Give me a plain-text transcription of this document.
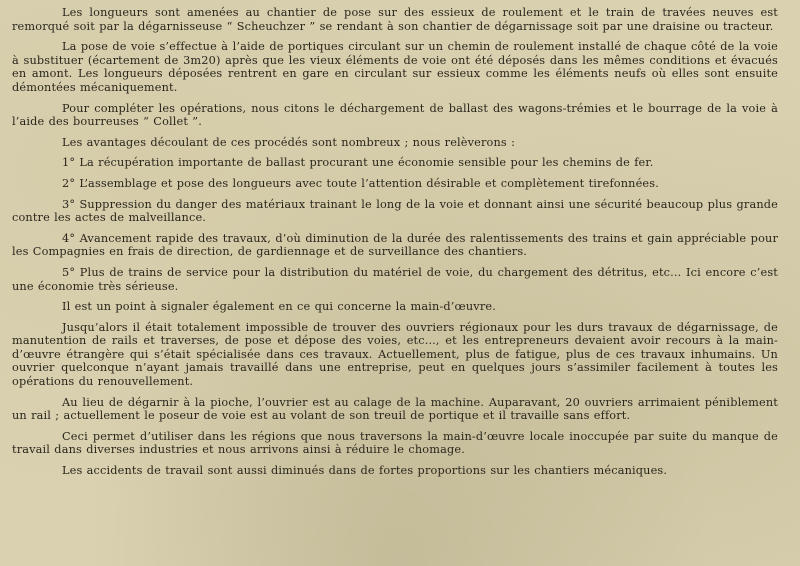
Les longueurs sont amenées au chantier de pose sur des essieux de roulement et le train de travées neuves est remorqué soit par la dégarnisseuse “ Scheuchzer ” se rendant à son chantier de dégarnissage soit par une draisine ou tracteur.

La pose de voie s’effectue à l’aide de portiques circulant sur un chemin de roulement installé de chaque côté de la voie à substituer (écartement de 3m20) après que les vieux éléments de voie ont été déposés dans les mêmes conditions et évacués en amont. Les longueurs déposées rentrent en gare en circulant sur essieux comme les éléments neufs où elles sont ensuite démontées mécaniquement.

Pour compléter les opérations, nous citons le déchargement de ballast des wagons-trémies et le bourrage de la voie à l’aide des bourreuses “ Collet ”.

Les avantages découlant de ces procédés sont nombreux ; nous relèverons :

1° La récupération importante de ballast procurant une économie sensible pour les chemins de fer.

2° L’assemblage et pose des longueurs avec toute l’attention désirable et complètement tirefonnées.

3° Suppression du danger des matériaux trainant le long de la voie et donnant ainsi une sécurité beaucoup plus grande contre les actes de malveillance.

4° Avancement rapide des travaux, d’où diminution de la durée des ralentissements des trains et gain appréciable pour les Compagnies en frais de direction, de gardiennage et de surveillance des chantiers.

5° Plus de trains de service pour la distribution du matériel de voie, du chargement des détritus, etc... Ici encore c’est une économie très sérieuse.

Il est un point à signaler également en ce qui concerne la main-d’œuvre.

Jusqu’alors il était totalement impossible de trouver des ouvriers régionaux pour les durs travaux de dégarnissage, de manutention de rails et traverses, de pose et dépose des voies, etc..., et les entrepreneurs devaient avoir recours à la main-d’œuvre étrangère qui s’était spécialisée dans ces travaux. Actuellement, plus de fatigue, plus de ces travaux inhumains. Un ouvrier quelconque n’ayant jamais travaillé dans une entreprise, peut en quelques jours s’assimiler facilement à toutes les opérations du renouvellement.

Au lieu de dégarnir à la pioche, l’ouvrier est au calage de la machine. Auparavant, 20 ouvriers arrimaient péniblement un rail ; actuellement le poseur de voie est au volant de son treuil de portique et il travaille sans effort.

Ceci permet d’utiliser dans les régions que nous traversons la main-d’œuvre locale inoccupée par suite du manque de travail dans diverses industries et nous arrivons ainsi à réduire le chomage.

Les accidents de travail sont aussi diminués dans de fortes proportions sur les chantiers mécaniques.
